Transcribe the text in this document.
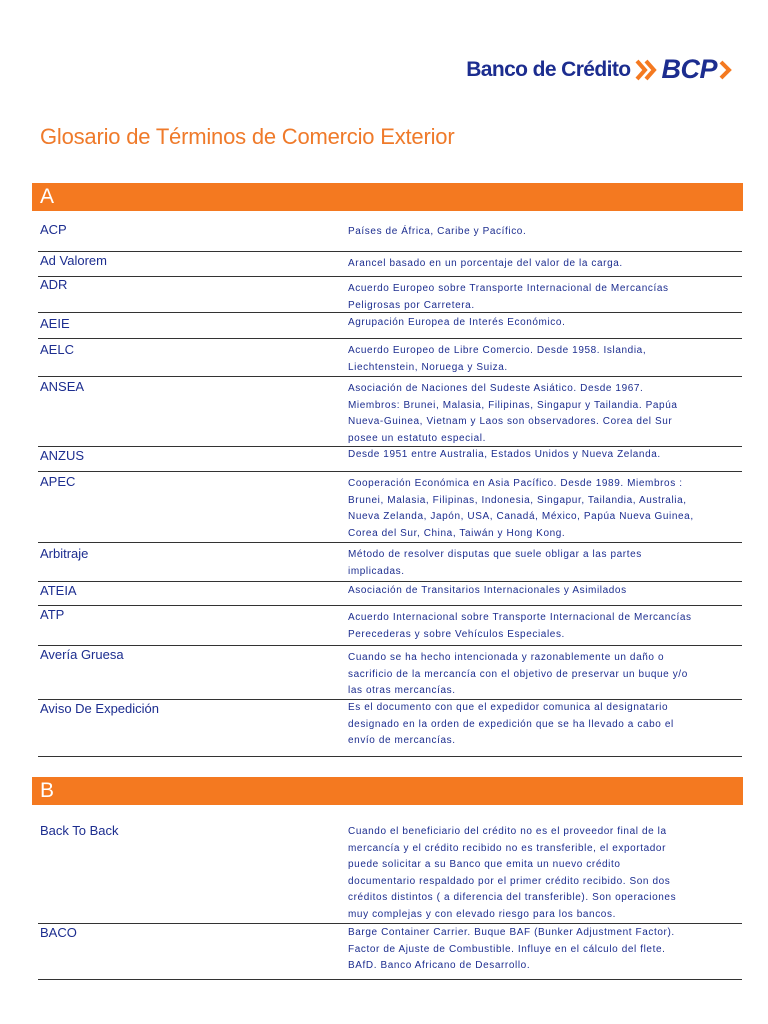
Banco de Crédito BCP
Glosario de Términos de Comercio Exterior
A
ACP	Países de África, Caribe y Pacífico.
Ad Valorem	Arancel basado en un porcentaje del valor de la carga.
ADR	Acuerdo Europeo sobre Transporte Internacional de Mercancías
Peligrosas por Carretera.
AEIE	Agrupación Europea de Interés Económico.
AELC	Acuerdo Europeo de Libre Comercio. Desde 1958. Islandia,
Liechtenstein, Noruega y Suiza.
ANSEA	Asociación de Naciones del Sudeste Asiático. Desde 1967.
Miembros: Brunei, Malasia, Filipinas, Singapur y Tailandia. Papúa
Nueva-Guinea, Vietnam y Laos son observadores. Corea del Sur
posee un estatuto especial.
ANZUS	Desde 1951 entre Australia, Estados Unidos y Nueva Zelanda.
APEC	Cooperación Económica en Asia Pacífico. Desde 1989. Miembros :
Brunei, Malasia, Filipinas, Indonesia, Singapur, Tailandia, Australia,
Nueva Zelanda, Japón, USA, Canadá, México, Papúa Nueva Guinea,
Corea del Sur, China, Taiwán y Hong Kong.
Arbitraje	Método de resolver disputas que suele obligar a las partes
implicadas.
ATEIA	Asociación de Transitarios Internacionales y Asimilados
ATP	Acuerdo Internacional sobre Transporte Internacional de Mercancías
Perecederas y sobre Vehículos Especiales.
Avería Gruesa	Cuando se ha hecho intencionada y razonablemente un daño o
sacrificio de la mercancía con el objetivo de preservar un buque y/o
las otras mercancías.
Aviso De Expedición	Es el documento con que el expedidor comunica al designatario
designado en la orden de expedición que se ha llevado a cabo el
envío de mercancías.
B
Back To Back	Cuando el beneficiario del crédito no es el proveedor final de la
mercancía y el crédito recibido no es transferible, el exportador
puede solicitar a su Banco que emita un nuevo crédito
documentario respaldado por el primer crédito recibido. Son dos
créditos distintos ( a diferencia del transferible). Son operaciones
muy complejas y con elevado riesgo para los bancos.
BACO	Barge Container Carrier. Buque BAF (Bunker Adjustment Factor).
Factor de Ajuste de Combustible. Influye en el cálculo del flete.
BAfD. Banco Africano de Desarrollo.
